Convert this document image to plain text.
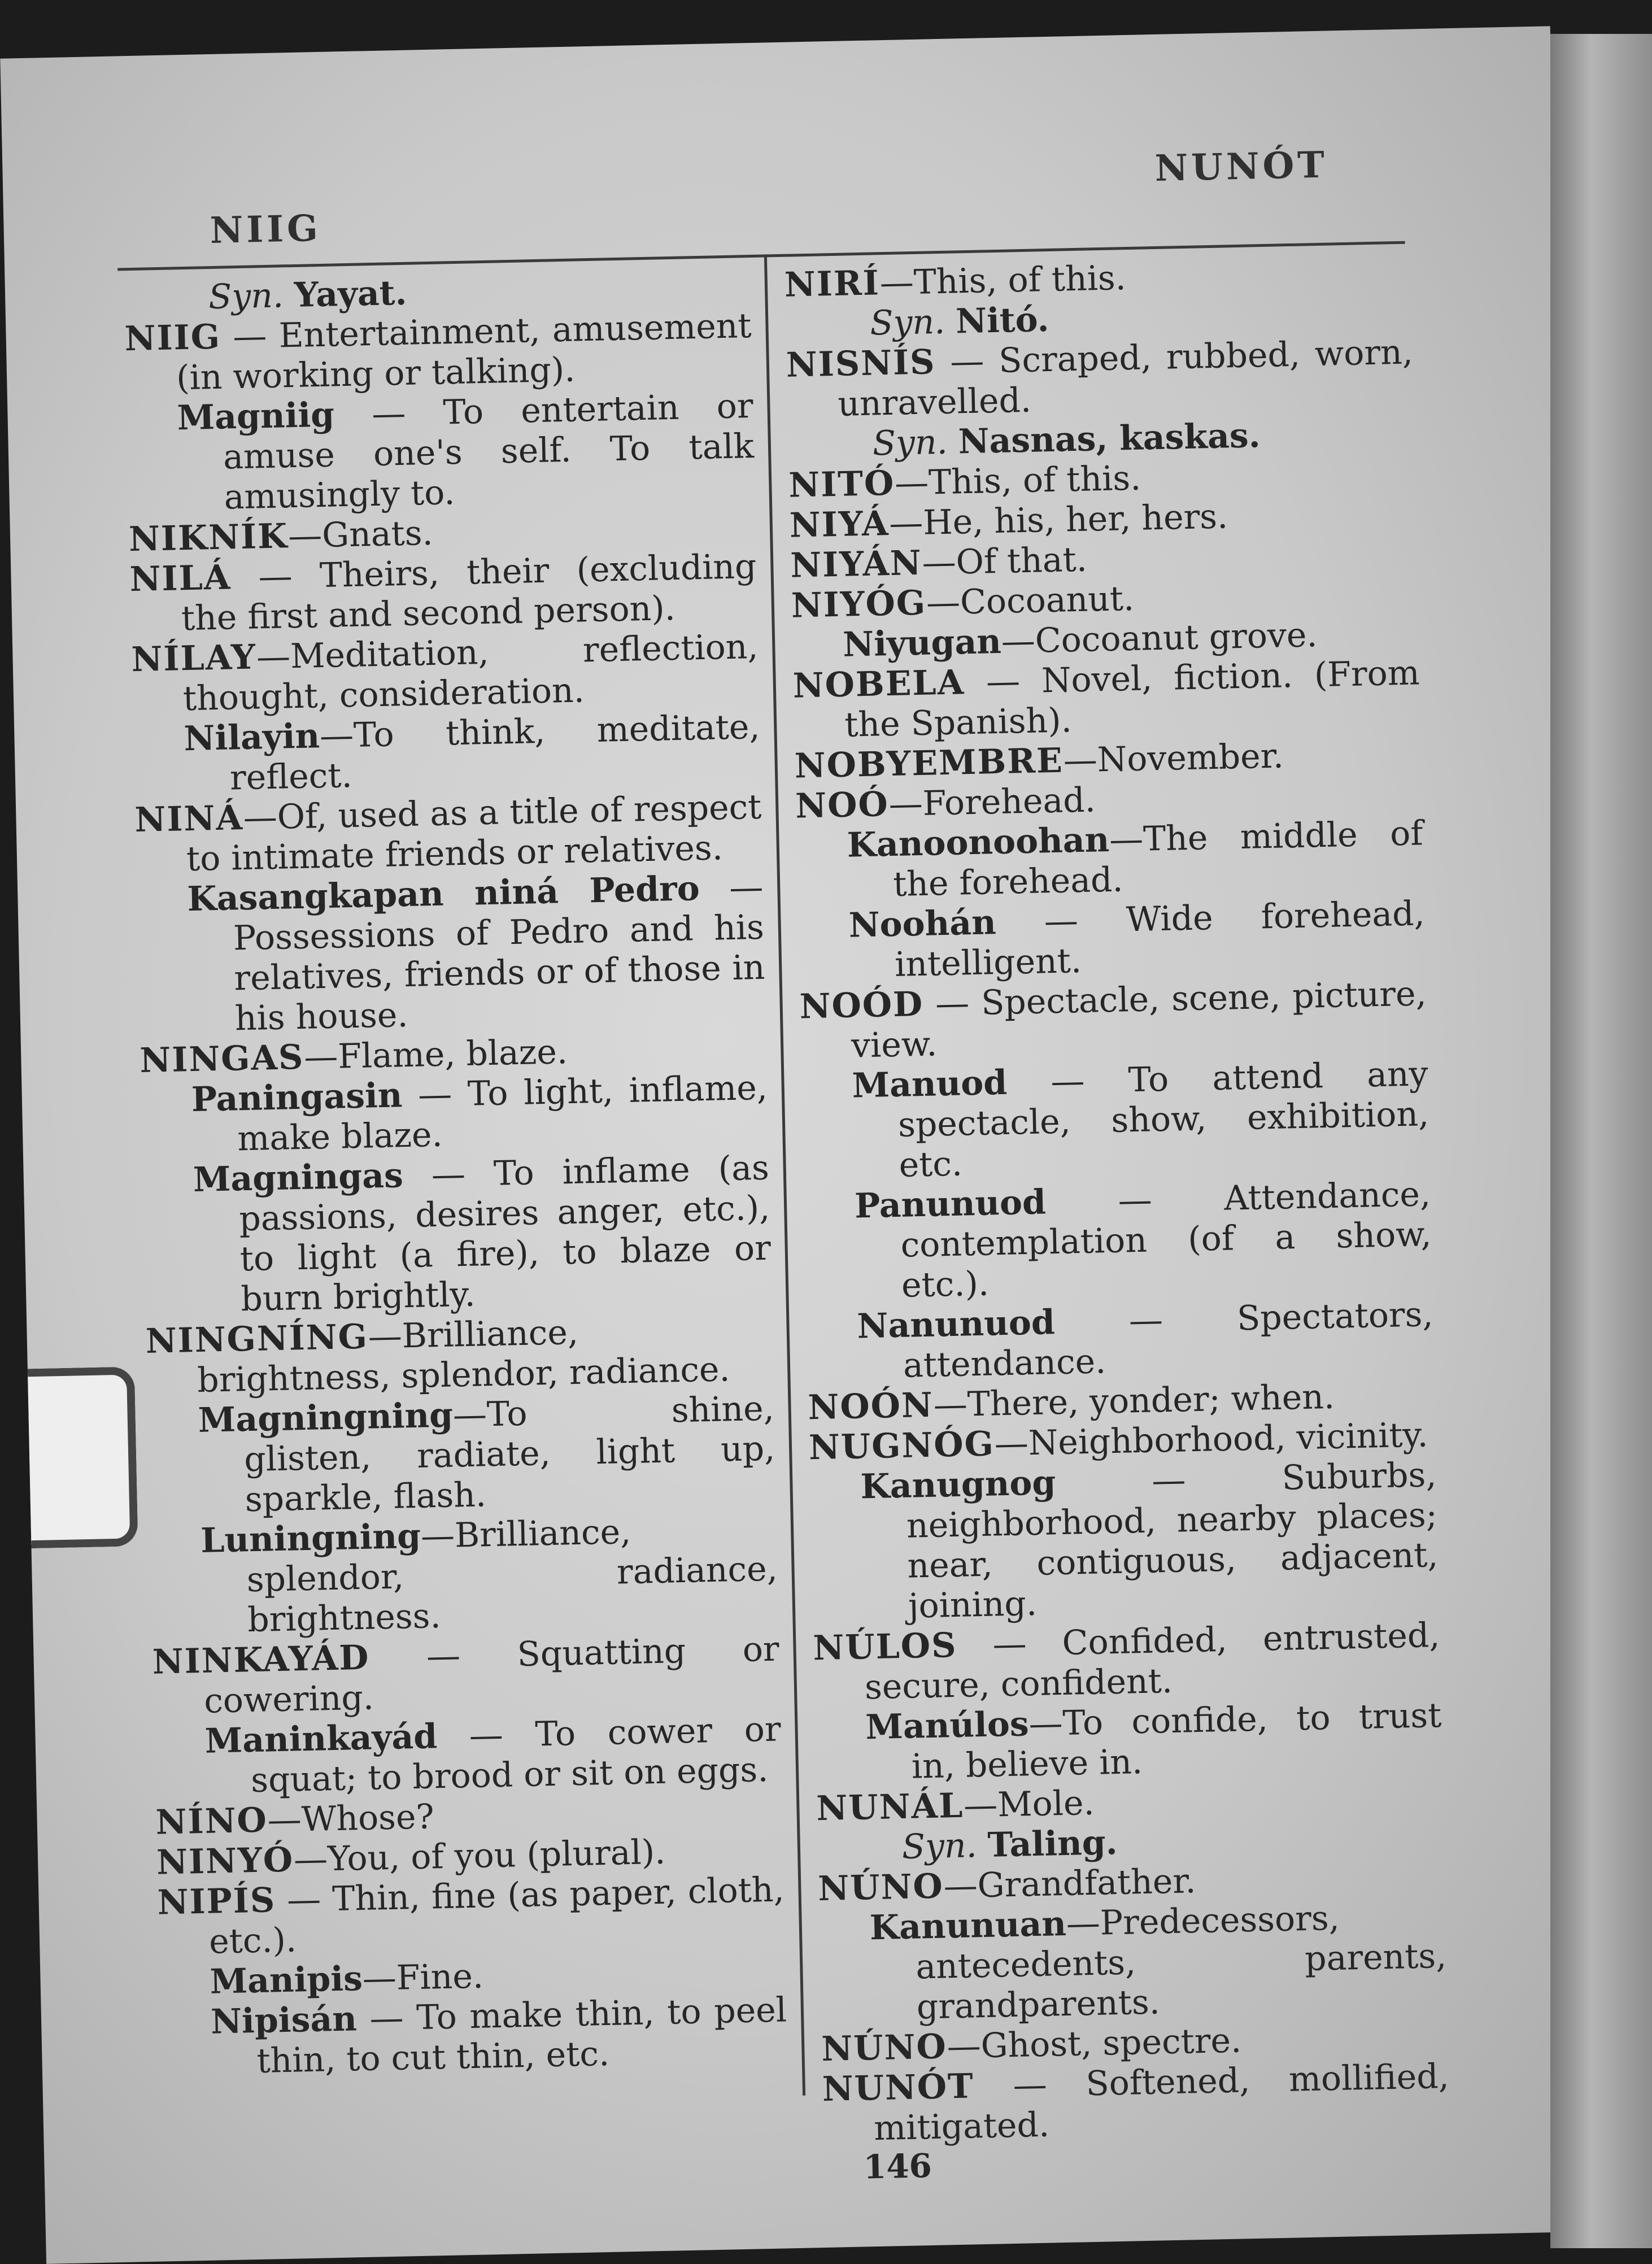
NIIG
NUNÓT

Syn. Yayat.

NIIG — Entertainment, amusement (in working or talking).

Magniig — To entertain or amuse one's self. To talk amusingly to.

NIKNÍK—Gnats.

NILÁ — Theirs, their (excluding the first and second person).

NÍLAY—Meditation, reflection, thought, consideration.

Nilayin—To think, meditate, reflect.

NINÁ—Of, used as a title of respect to intimate friends or relatives.

Kasangkapan niná Pedro — Possessions of Pedro and his relatives, friends or of those in his house.

NINGAS—Flame, blaze.

Paningasin — To light, inflame, make blaze.

Magningas — To inflame (as passions, desires anger, etc.), to light (a fire), to blaze or burn brightly.

NINGNÍNG—Brilliance, brightness, splendor, radiance.

Magningning—To shine, glisten, radiate, light up, sparkle, flash.

Luningning—Brilliance, splendor, radiance, brightness.

NINKAYÁD — Squatting or cowering.

Maninkayád — To cower or squat; to brood or sit on eggs.

NÍNO—Whose?

NINYÓ—You, of you (plural).

NIPÍS — Thin, fine (as paper, cloth, etc.).

Manipis—Fine.

Nipisán — To make thin, to peel thin, to cut thin, etc.

NIRÍ—This, of this.

Syn. Nitó.

NISNÍS — Scraped, rubbed, worn, unravelled.

Syn. Nasnas, kaskas.

NITÓ—This, of this.

NIYÁ—He, his, her, hers.

NIYÁN—Of that.

NIYÓG—Cocoanut.

Niyugan—Cocoanut grove.

NOBELA — Novel, fiction. (From the Spanish).

NOBYEMBRE—November.

NOÓ—Forehead.

Kanoonoohan—The middle of the forehead.

Noohán — Wide forehead, intelligent.

NOÓD — Spectacle, scene, picture, view.

Manuod — To attend any spectacle, show, exhibition, etc.

Panunuod — Attendance, contemplation (of a show, etc.).

Nanunuod — Spectators, attendance.

NOÓN—There, yonder; when.

NUGNÓG—Neighborhood, vicinity.

Kanugnog — Suburbs, neighborhood, nearby places; near, contiguous, adjacent, joining.

NÚLOS — Confided, entrusted, secure, confident.

Manúlos—To confide, to trust in, believe in.

NUNÁL—Mole.

Syn. Taling.

NÚNO—Grandfather.

Kanunuan—Predecessors, antecedents, parents, grandparents.

NÚNO—Ghost, spectre.

NUNÓT — Softened, mollified, mitigated.

146
